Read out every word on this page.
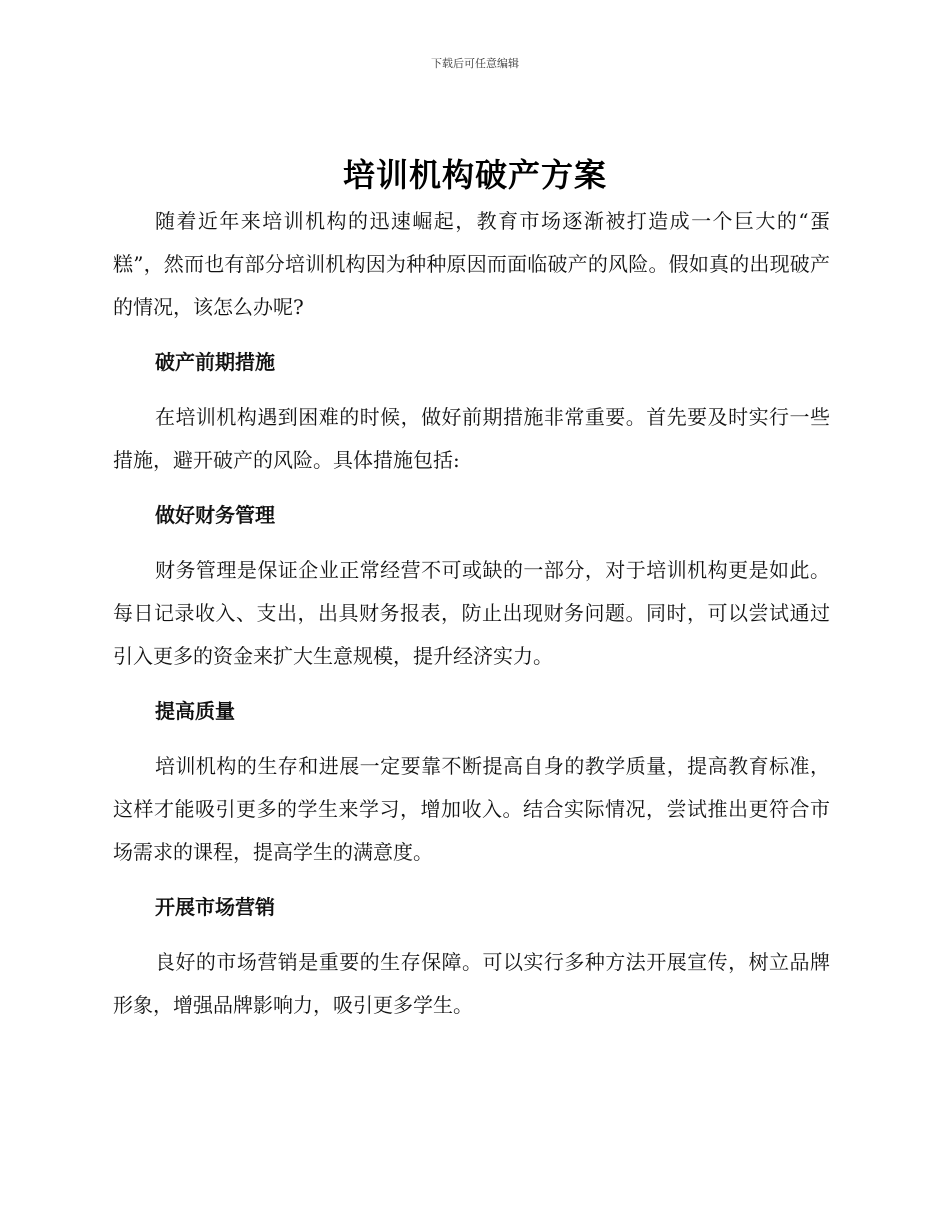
下载后可任意编辑
培训机构破产方案

随着近年来培训机构的迅速崛起，教育市场逐渐被打造成一个巨大的“蛋糕”，然而也有部分培训机构因为种种原因而面临破产的风险。假如真的出现破产的情况，该怎么办呢?

破产前期措施

在培训机构遇到困难的时候，做好前期措施非常重要。首先要及时实行一些措施，避开破产的风险。具体措施包括:

做好财务管理

财务管理是保证企业正常经营不可或缺的一部分，对于培训机构更是如此。每日记录收入、支出，出具财务报表，防止出现财务问题。同时，可以尝试通过引入更多的资金来扩大生意规模，提升经济实力。

提高质量

培训机构的生存和进展一定要靠不断提高自身的教学质量，提高教育标准，这样才能吸引更多的学生来学习，增加收入。结合实际情况，尝试推出更符合市场需求的课程，提高学生的满意度。

开展市场营销

良好的市场营销是重要的生存保障。可以实行多种方法开展宣传，树立品牌形象，增强品牌影响力，吸引更多学生。
